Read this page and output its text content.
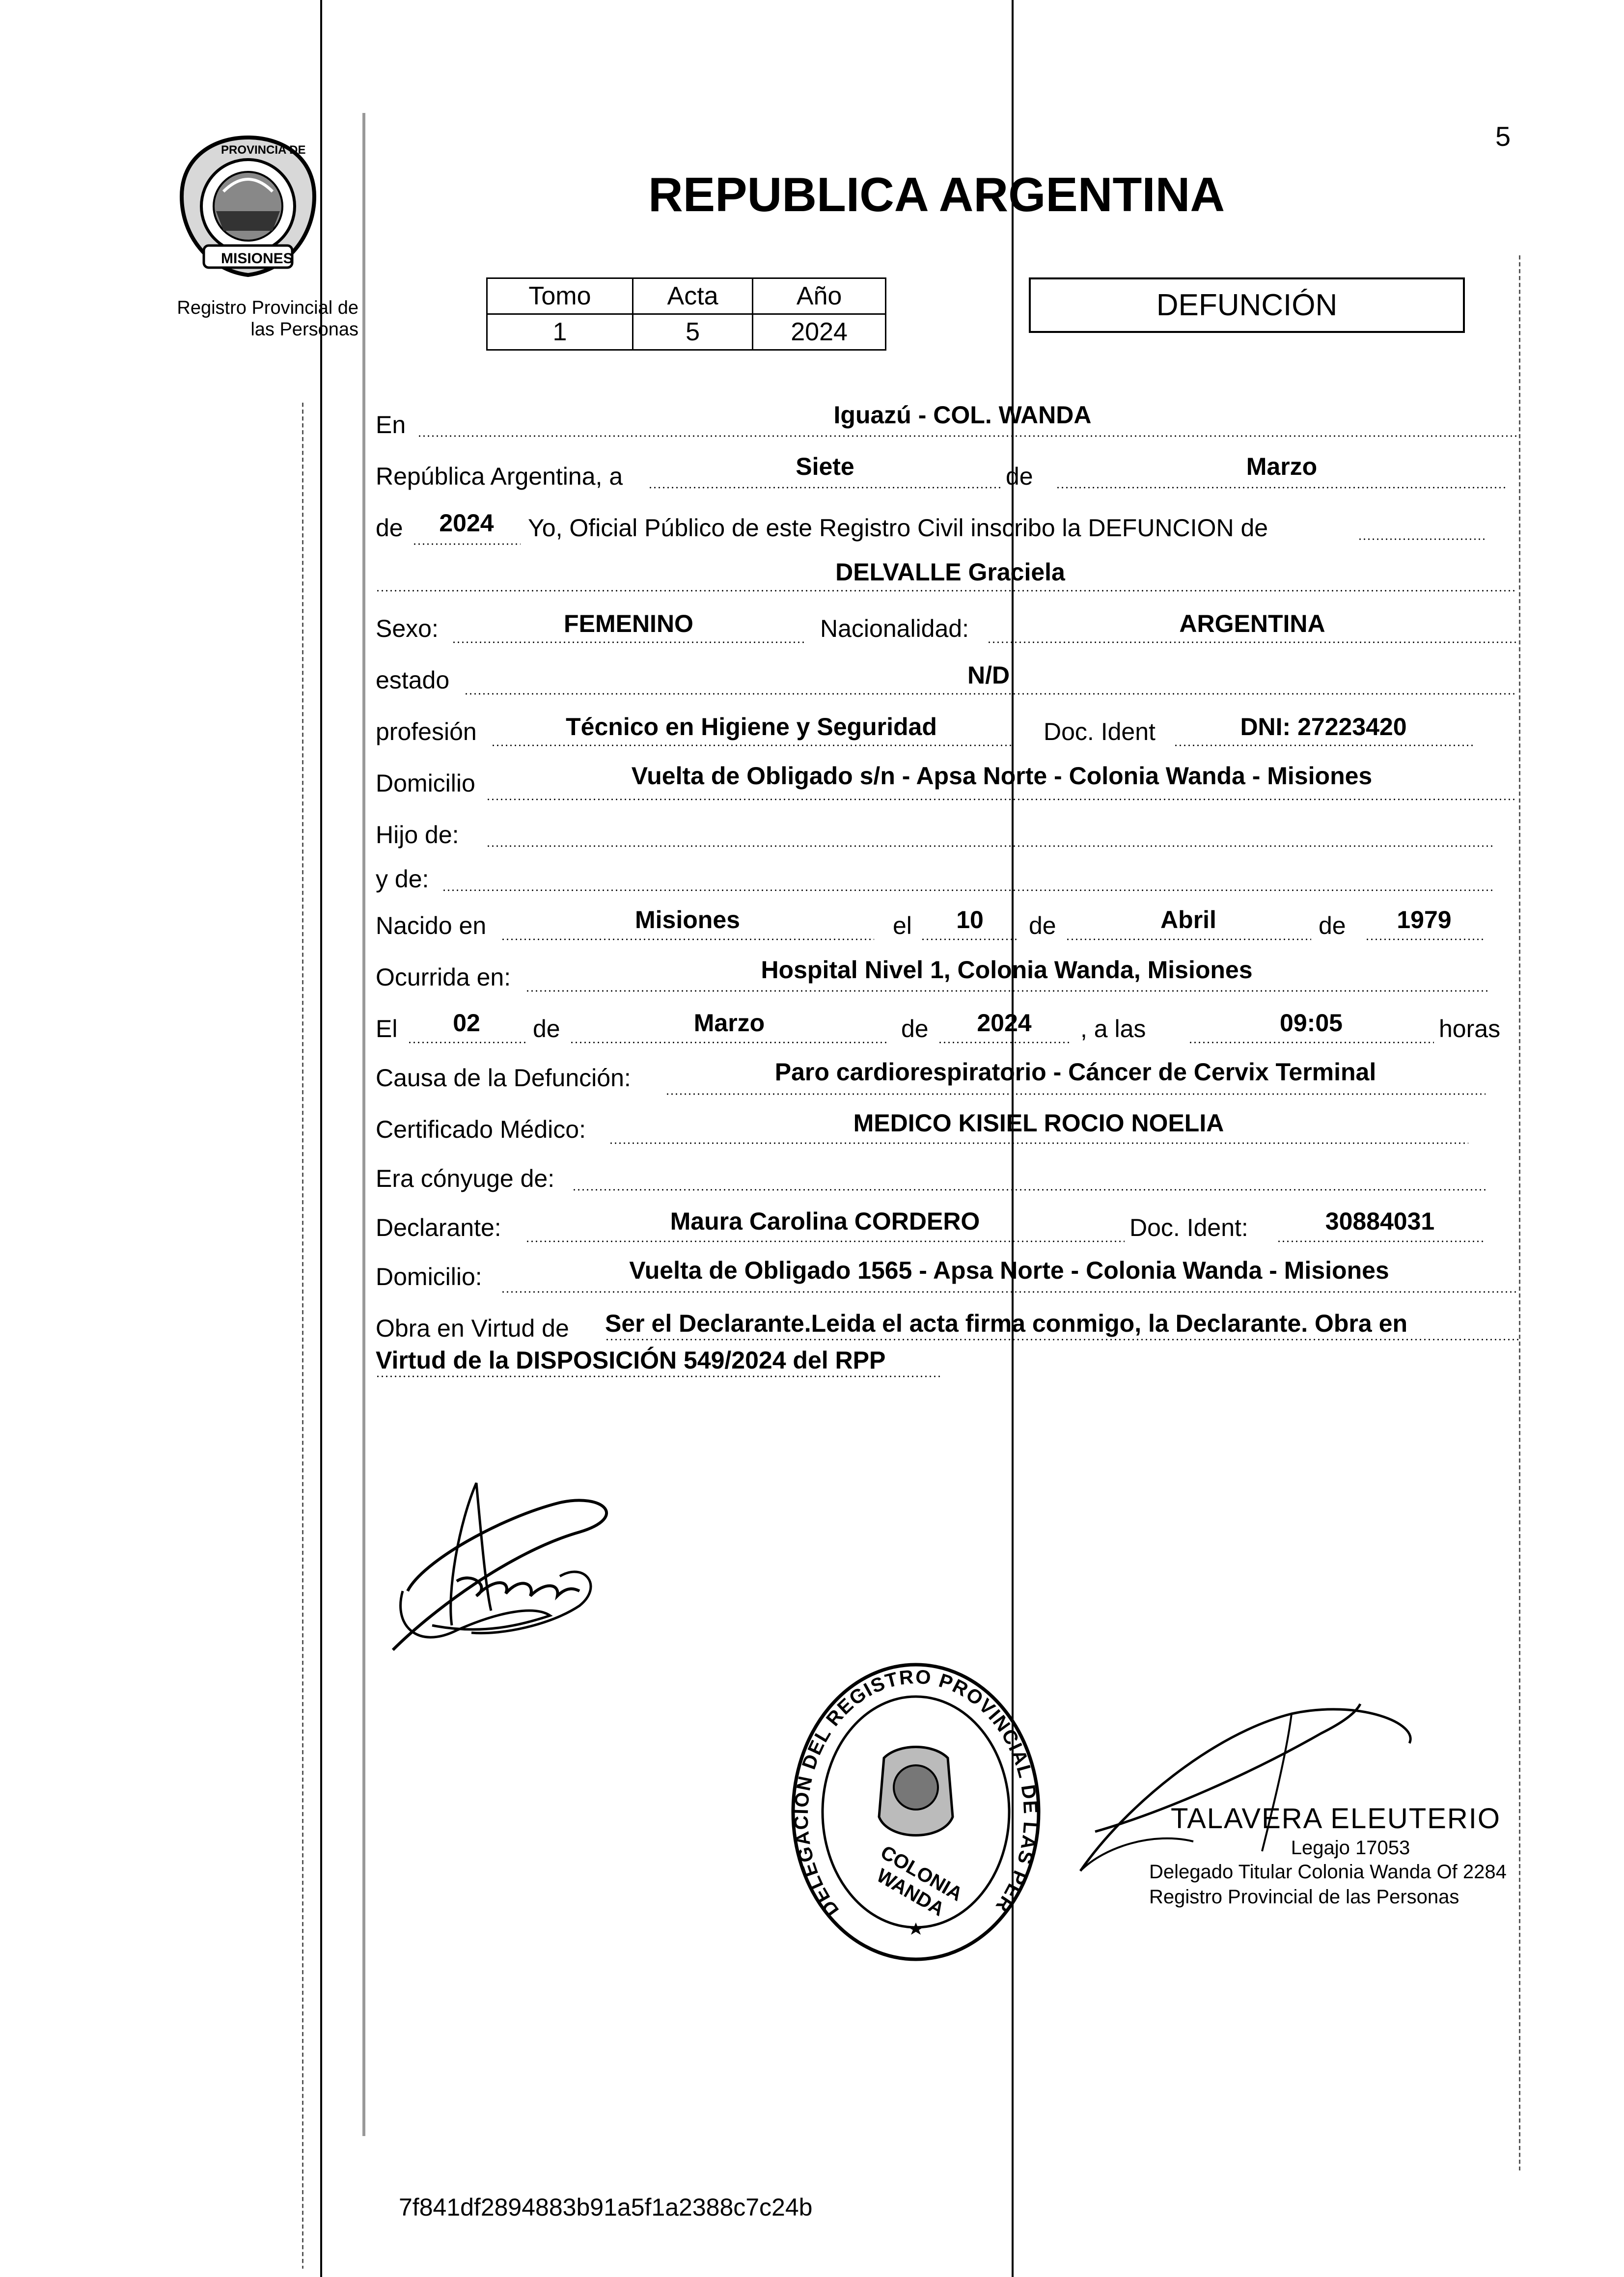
5
PROVINCIA DE
MISIONES
Registro Provincial de
las Personas
REPUBLICA ARGENTINA
Tomo	Acta	Año
1	5	2024
DEFUNCIÓN
En	Iguazú - COL. WANDA
República Argentina, a	Siete	de	Marzo
de	2024	Yo, Oficial Público de este Registro Civil inscribo la DEFUNCION de
DELVALLE Graciela
Sexo:	FEMENINO	Nacionalidad:	ARGENTINA
estado	N/D
profesión	Técnico en Higiene y Seguridad	Doc. Ident	DNI: 27223420
Domicilio	Vuelta de Obligado s/n - Apsa Norte - Colonia Wanda - Misiones
Hijo de:
y de:
Nacido en	Misiones	el	10	de	Abril	de	1979
Ocurrida en:	Hospital Nivel 1, Colonia Wanda, Misiones
El	02	de	Marzo	de	2024	, a las	09:05	horas
Causa de la Defunción:	Paro cardiorespiratorio - Cáncer de Cervix Terminal
Certificado Médico:	MEDICO KISIEL ROCIO NOELIA
Era cónyuge de:
Declarante:	Maura Carolina CORDERO	Doc. Ident:	30884031
Domicilio:	Vuelta de Obligado 1565 - Apsa Norte - Colonia Wanda - Misiones
Obra en Virtud de Ser el Declarante.Leida el acta firma conmigo, la Declarante. Obra en
Virtud de la DISPOSICIÓN 549/2024 del RPP
DELEGACION DEL REGISTRO PROVINCIAL DE LAS PER
COLONIA WANDA
TALAVERA ELEUTERIO
Legajo 17053
Delegado Titular Colonia Wanda Of 2284
Registro Provincial de las Personas
7f841df2894883b91a5f1a2388c7c24b
